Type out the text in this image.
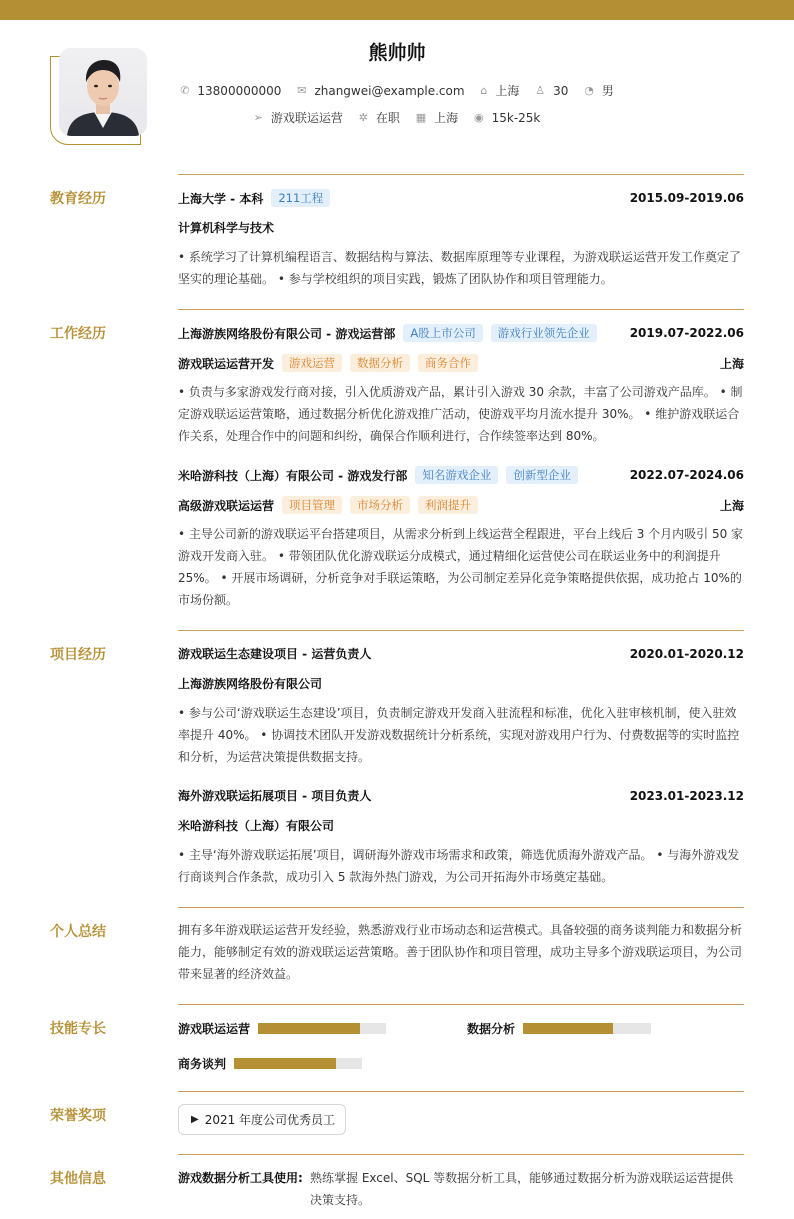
熊帅帅
✆ 13800000000
✉ zhangwei@example.com
⌂ 上海
♙ 30
◔ 男
➢ 游戏联运运营
✲ 在职
▦ 上海
◉ 15k-25k
教育经历	上海大学 - 本科	211工程	2015.09-2019.06
计算机科学与技术
• 系统学习了计算机编程语言、数据结构与算法、数据库原理等专业课程，为游戏联运运营开发工作奠定了坚实的理论基础。 • 参与学校组织的项目实践，锻炼了团队协作和项目管理能力。
工作经历	上海游族网络股份有限公司 - 游戏运营部	A股上市公司	游戏行业领先企业	2019.07-2022.06
游戏联运运营开发	游戏运营	数据分析	商务合作	上海
• 负责与多家游戏发行商对接，引入优质游戏产品，累计引入游戏 30 余款，丰富了公司游戏产品库。 • 制定游戏联运运营策略，通过数据分析优化游戏推广活动，使游戏平均月流水提升 30%。 • 维护游戏联运合作关系，处理合作中的问题和纠纷，确保合作顺利进行，合作续签率达到 80%。
米哈游科技（上海）有限公司 - 游戏发行部	知名游戏企业	创新型企业	2022.07-2024.06
高级游戏联运运营	项目管理	市场分析	利润提升	上海
• 主导公司新的游戏联运平台搭建项目，从需求分析到上线运营全程跟进，平台上线后 3 个月内吸引 50 家游戏开发商入驻。 • 带领团队优化游戏联运分成模式，通过精细化运营使公司在联运业务中的利润提升 25%。 • 开展市场调研，分析竞争对手联运策略，为公司制定差异化竞争策略提供依据，成功抢占 10%的市场份额。
项目经历	游戏联运生态建设项目 - 运营负责人	2020.01-2020.12
上海游族网络股份有限公司
• 参与公司‘游戏联运生态建设’项目，负责制定游戏开发商入驻流程和标准，优化入驻审核机制，使入驻效率提升 40%。 • 协调技术团队开发游戏数据统计分析系统，实现对游戏用户行为、付费数据等的实时监控和分析，为运营决策提供数据支持。
海外游戏联运拓展项目 - 项目负责人	2023.01-2023.12
米哈游科技（上海）有限公司
• 主导‘海外游戏联运拓展’项目，调研海外游戏市场需求和政策，筛选优质海外游戏产品。 • 与海外游戏发行商谈判合作条款，成功引入 5 款海外热门游戏，为公司开拓海外市场奠定基础。
个人总结	拥有多年游戏联运运营开发经验，熟悉游戏行业市场动态和运营模式。具备较强的商务谈判能力和数据分析能力，能够制定有效的游戏联运运营策略。善于团队协作和项目管理，成功主导多个游戏联运项目，为公司带来显著的经济效益。
技能专长	游戏联运运营	数据分析
商务谈判
荣誉奖项	▶ 2021 年度公司优秀员工
其他信息	游戏数据分析工具使用: 熟练掌握 Excel、SQL 等数据分析工具，能够通过数据分析为游戏联运运营提供决策支持。
